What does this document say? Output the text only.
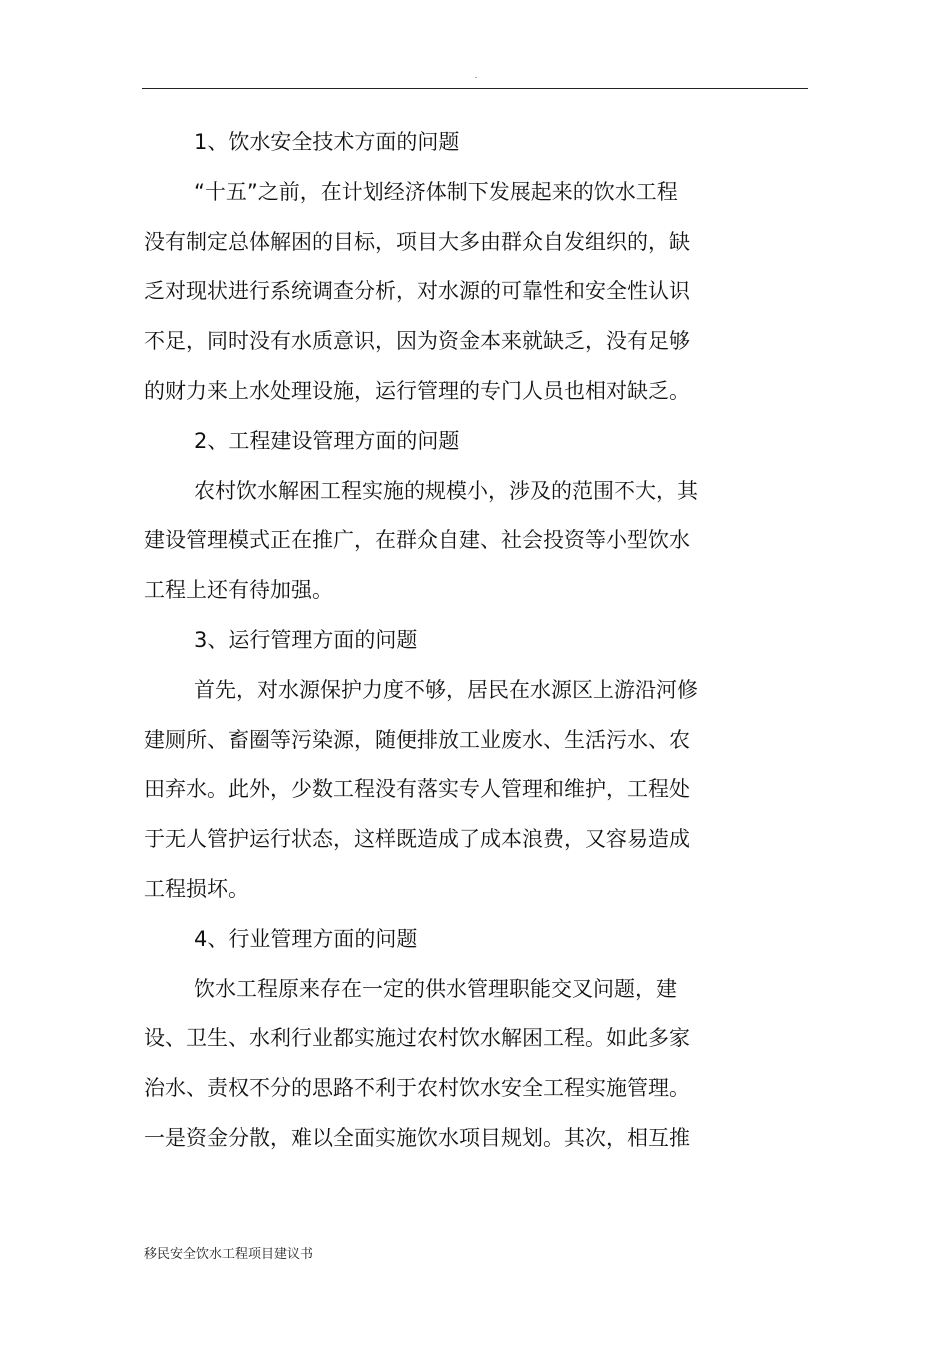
.
1、饮水安全技术方面的问题
“十五”之前，在计划经济体制下发展起来的饮水工程
没有制定总体解困的目标，项目大多由群众自发组织的，缺
乏对现状进行系统调查分析，对水源的可靠性和安全性认识
不足，同时没有水质意识，因为资金本来就缺乏，没有足够
的财力来上水处理设施，运行管理的专门人员也相对缺乏。
2、工程建设管理方面的问题
农村饮水解困工程实施的规模小，涉及的范围不大，其
建设管理模式正在推广，在群众自建、社会投资等小型饮水
工程上还有待加强。
3、运行管理方面的问题
首先，对水源保护力度不够，居民在水源区上游沿河修
建厕所、畜圈等污染源，随便排放工业废水、生活污水、农
田弃水。此外，少数工程没有落实专人管理和维护，工程处
于无人管护运行状态，这样既造成了成本浪费，又容易造成
工程损坏。
4、行业管理方面的问题
饮水工程原来存在一定的供水管理职能交叉问题，建
设、卫生、水利行业都实施过农村饮水解困工程。如此多家
治水、责权不分的思路不利于农村饮水安全工程实施管理。
一是资金分散，难以全面实施饮水项目规划。其次，相互推
移民安全饮水工程项目建议书
